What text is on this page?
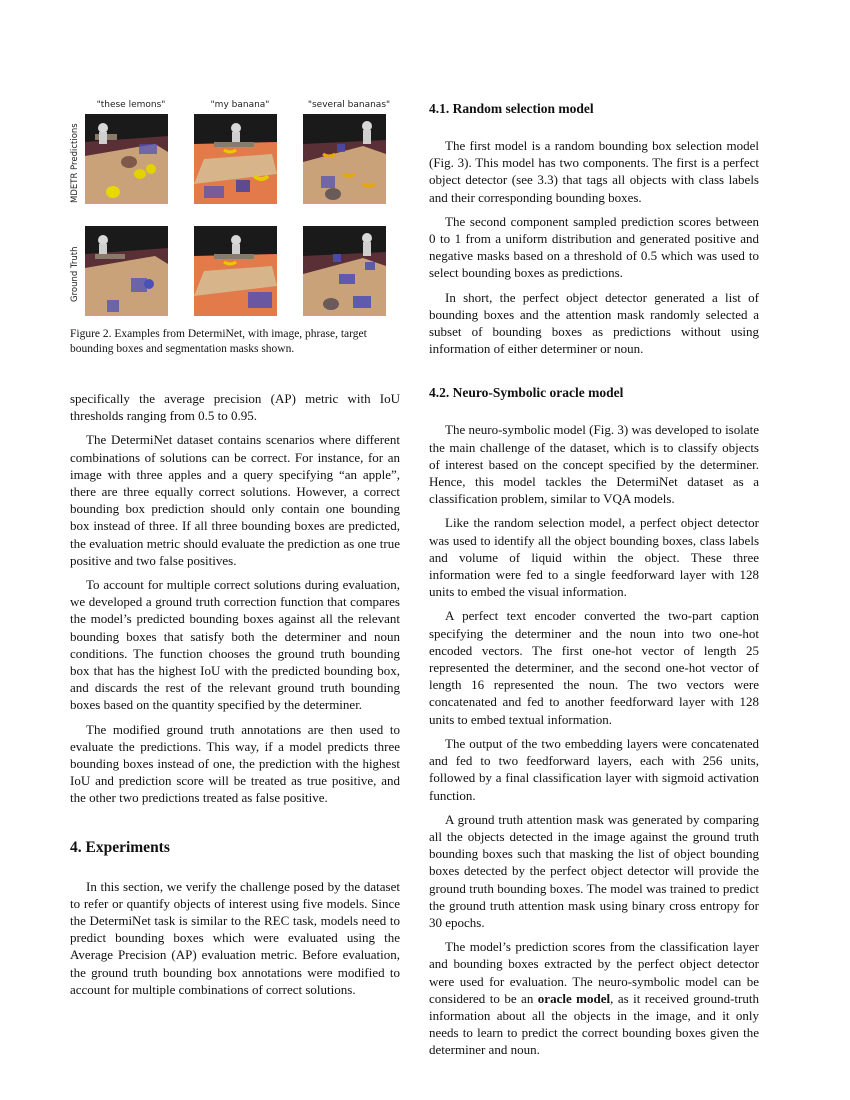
MDETR Predictions
Ground Truth
"these lemons"	"my banana"	"several bananas"
Figure 2. Examples from DetermiNet, with image, phrase, target bounding boxes and segmentation masks shown.

specifically the average precision (AP) metric with IoU thresholds ranging from 0.5 to 0.95.

The DetermiNet dataset contains scenarios where different combinations of solutions can be correct. For instance, for an image with three apples and a query specifying “an apple”, there are three equally correct solutions. However, a correct bounding box prediction should only contain one bounding box instead of three. If all three bounding boxes are predicted, the evaluation metric should evaluate the prediction as one true positive and two false positives.

To account for multiple correct solutions during evaluation, we developed a ground truth correction function that compares the model’s predicted bounding boxes against all the relevant bounding boxes that satisfy both the determiner and noun conditions. The function chooses the ground truth bounding box that has the highest IoU with the predicted bounding box, and discards the rest of the relevant ground truth bounding boxes based on the quantity specified by the determiner.

The modified ground truth annotations are then used to evaluate the predictions. This way, if a model predicts three bounding boxes instead of one, the prediction with the highest IoU and prediction score will be treated as true positive, and the other two predictions treated as false positive.

4. Experiments

In this section, we verify the challenge posed by the dataset to refer or quantify objects of interest using five models. Since the DetermiNet task is similar to the REC task, models need to predict bounding boxes which were evaluated using the Average Precision (AP) evaluation metric. Before evaluation, the ground truth bounding box annotations were modified to account for multiple combinations of correct solutions.

4.1. Random selection model

The first model is a random bounding box selection model (Fig. 3). This model has two components. The first is a perfect object detector (see 3.3) that tags all objects with class labels and their corresponding bounding boxes.

The second component sampled prediction scores between 0 to 1 from a uniform distribution and generated positive and negative masks based on a threshold of 0.5 which was used to select bounding boxes as predictions.

In short, the perfect object detector generated a list of bounding boxes and the attention mask randomly selected a subset of bounding boxes as predictions without using information of either determiner or noun.

4.2. Neuro-Symbolic oracle model

The neuro-symbolic model (Fig. 3) was developed to isolate the main challenge of the dataset, which is to classify objects of interest based on the concept specified by the determiner. Hence, this model tackles the DetermiNet dataset as a classification problem, similar to VQA models.

Like the random selection model, a perfect object detector was used to identify all the object bounding boxes, class labels and volume of liquid within the object. These three information were fed to a single feedforward layer with 128 units to embed the visual information.

A perfect text encoder converted the two-part caption specifying the determiner and the noun into two one-hot encoded vectors. The first one-hot vector of length 25 represented the determiner, and the second one-hot vector of length 16 represented the noun. The two vectors were concatenated and fed to another feedforward layer with 128 units to embed textual information.

The output of the two embedding layers were concatenated and fed to two feedforward layers, each with 256 units, followed by a final classification layer with sigmoid activation function.

A ground truth attention mask was generated by comparing all the objects detected in the image against the ground truth bounding boxes such that masking the list of object bounding boxes detected by the perfect object detector will provide the ground truth bounding boxes. The model was trained to predict the ground truth attention mask using binary cross entropy for 30 epochs.

The model’s prediction scores from the classification layer and bounding boxes extracted by the perfect object detector were used for evaluation. The neuro-symbolic model can be considered to be an oracle model, as it received ground-truth information about all the objects in the image, and it only needs to learn to predict the correct bounding boxes given the determiner and noun.
